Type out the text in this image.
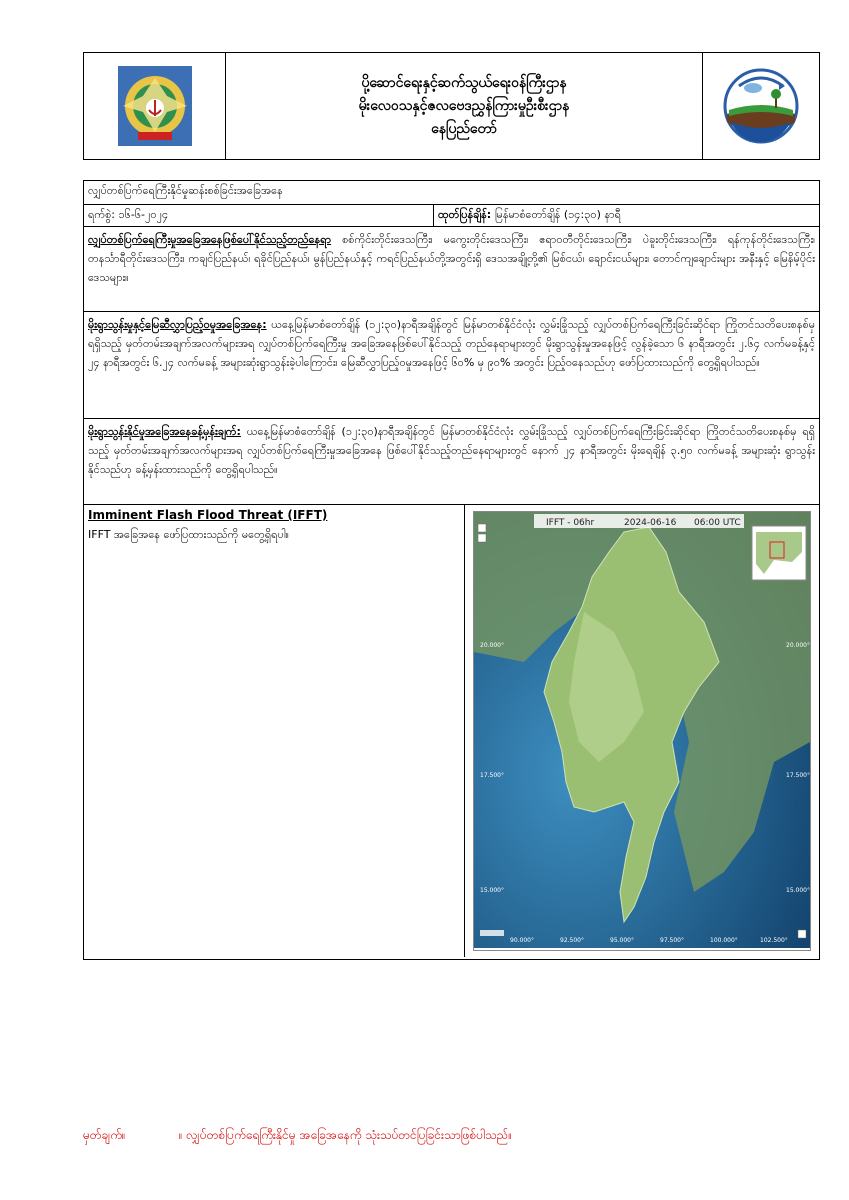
ပို့ဆောင်ရေးနှင့်ဆက်သွယ်ရေးဝန်ကြီးဌာန
မိုးလေဝသနှင့်ဇလဗေဒညွှန်ကြားမှုဦးစီးဌာန
နေပြည်တော်
လျှပ်တစ်ပြက်ရေကြီးနိုင်မှုဆန်းစစ်ခြင်းအခြေအနေ
ရက်စွဲ: ၁၆-၆-၂၀၂၄	ထုတ်ပြန်ချိန်: မြန်မာစံတော်ချိန် (၁၄:၃၀) နာရီ
လျှပ်တစ်ပြက်ရေကြီးမှုအခြေအနေဖြစ်ပေါ်နိုင်သည့်တည်နေရာ စစ်ကိုင်းတိုင်းဒေသကြီး၊ မကွေးတိုင်းဒေသကြီး၊ ဧရာဝတီတိုင်းဒေသကြီး၊ ပဲခူးတိုင်းဒေသကြီး၊ ရန်ကုန်တိုင်းဒေသကြီး၊ တနင်္သာရီတိုင်းဒေသကြီး၊ ကချင်ပြည်နယ်၊ ရခိုင်ပြည်နယ်၊ မွန်ပြည်နယ်နှင့် ကရင်ပြည်နယ်တို့အတွင်းရှိ ဒေသအချို့တို့၏ မြစ်ငယ်၊ ချောင်းငယ်များ၊ တောင်ကျချောင်းများ အနီးနှင့် မြေနိမ့်ပိုင်း ဒေသများ။
မိုးရွာသွန်းမှုနှင့်မြေဆီလွှာပြည့်ဝမှုအခြေအနေ: ယနေ့မြန်မာစံတော်ချိန် (၁၂:၃၀)နာရီအချိန်တွင် မြန်မာတစ်နိုင်ငံလုံး လွှမ်းခြုံသည့် လျှပ်တစ်ပြက်ရေကြီးခြင်းဆိုင်ရာ ကြိုတင်သတိပေးစနစ်မှရရှိသည့် မှတ်တမ်းအချက်အလက်များအရ လျှပ်တစ်ပြက်ရေကြီးမှု အခြေအနေဖြစ်ပေါ်နိုင်သည့် တည်နေရာများတွင် မိုးရွာသွန်းမှုအနေဖြင့် လွန်ခဲ့သော ၆ နာရီအတွင်း ၂.၆၄ လက်မခန့်နှင့် ၂၄ နာရီအတွင်း ၆.၂၄ လက်မခန့် အများဆုံးရွာသွန်းခဲ့ပါကြောင်း၊ မြေဆီလွှာပြည့်ဝမှုအနေဖြင့် ၆၀% မှ ၉၀% အတွင်း ပြည့်ဝနေသည်ဟု ဖော်ပြထားသည်ကို တွေ့ရှိရပါသည်။
မိုးရွာသွန်းနိုင်မှုအခြေအနေခန့်မှန်းချက်: ယနေ့မြန်မာစံတော်ချိန် (၁၂:၃၀)နာရီအချိန်တွင် မြန်မာတစ်နိုင်ငံလုံး လွှမ်းခြုံသည့် လျှပ်တစ်ပြက်ရေကြီးခြင်းဆိုင်ရာ ကြိုတင်သတိပေးစနစ်မှ ရရှိသည့် မှတ်တမ်းအချက်အလက်များအရ လျှပ်တစ်ပြက်ရေကြီးမှုအခြေအနေ ဖြစ်ပေါ်နိုင်သည့်တည်နေရာများတွင် နောက် ၂၄ နာရီအတွင်း မိုးရေချိန် ၃.၅၀ လက်မခန့် အများဆုံး ရွာသွန်းနိုင်သည်ဟု ခန့်မှန်းထားသည်ကို တွေ့ရှိရပါသည်။
Imminent Flash Flood Threat (IFFT)
IFFT အခြေအနေ ဖော်ပြထားသည်ကို မတွေ့ရှိရပါ။
IFFT - 06hr	2024-06-16 06:00 UTC
20.000°
17.500°
15.000°
20.000°
17.500°
15.000°
90.000°	92.500°	95.000°	97.500°	100.000°	102.500°
မှတ်ချက်။	။ လျှပ်တစ်ပြက်ရေကြီးနိုင်မှု အခြေအနေကို သုံးသပ်တင်ပြခြင်းသာဖြစ်ပါသည်။
